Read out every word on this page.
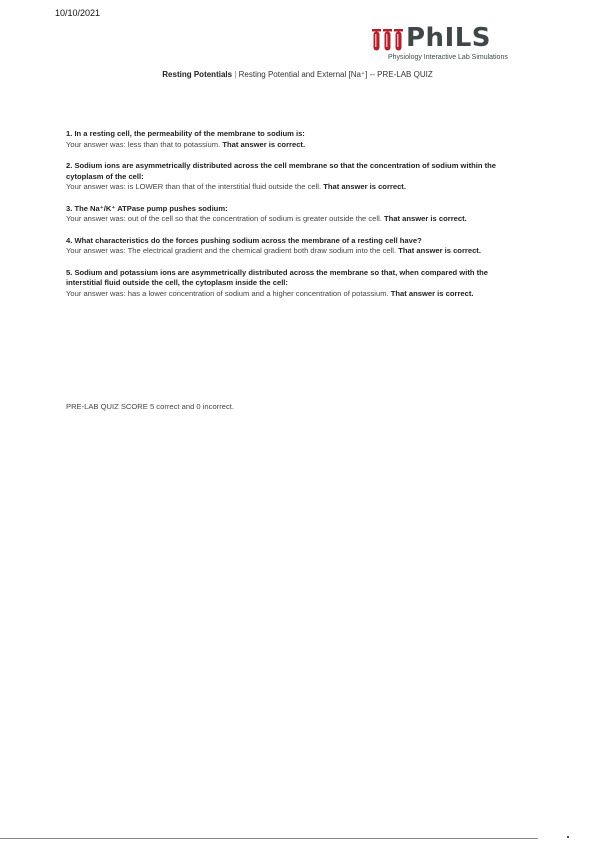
10/10/2021
PhILS
Physiology Interactive Lab Simulations
Resting Potentials | Resting Potential and External [Na⁺] -- PRE-LAB QUIZ
1. In a resting cell, the permeability of the membrane to sodium is:
Your answer was: less than that to potassium. That answer is correct.
2. Sodium ions are asymmetrically distributed across the cell membrane so that the concentration of sodium within the cytoplasm of the cell:
Your answer was: is LOWER than that of the interstitial fluid outside the cell. That answer is correct.
3. The Na⁺/K⁺ ATPase pump pushes sodium:
Your answer was: out of the cell so that the concentration of sodium is greater outside the cell. That answer is correct.
4. What characteristics do the forces pushing sodium across the membrane of a resting cell have?
Your answer was: The electrical gradient and the chemical gradient both draw sodium into the cell. That answer is correct.
5. Sodium and potassium ions are asymmetrically distributed across the membrane so that, when compared with the interstitial fluid outside the cell, the cytoplasm inside the cell:
Your answer was: has a lower concentration of sodium and a higher concentration of potassium. That answer is correct.
PRE-LAB QUIZ SCORE 5 correct and 0 incorrect.
